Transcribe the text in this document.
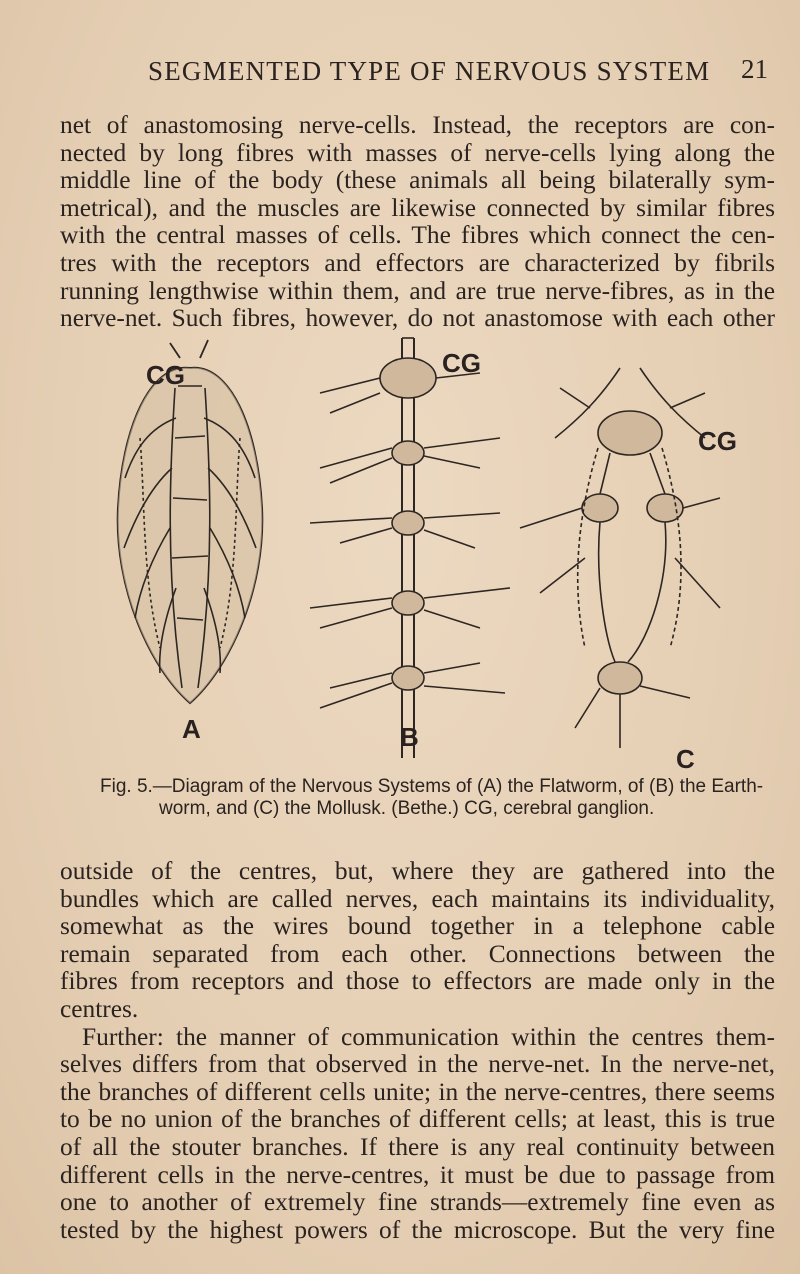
SEGMENTED TYPE OF NERVOUS SYSTEM 21
net of anastomosing nerve-cells. Instead, the receptors are con-
nected by long fibres with masses of nerve-cells lying along the
middle line of the body (these animals all being bilaterally sym-
metrical), and the muscles are likewise connected by similar fibres
with the central masses of cells. The fibres which connect the cen-
tres with the receptors and effectors are characterized by fibrils
running lengthwise within them, and are true nerve-fibres, as in the
nerve-net. Such fibres, however, do not anastomose with each other
CG	CG
CG
A	B
C
Fig. 5.—Diagram of the Nervous Systems of (A) the Flatworm, of (B) the Earth-
worm, and (C) the Mollusk. (Bethe.) CG, cerebral ganglion.
outside of the centres, but, where they are gathered into the
bundles which are called nerves, each maintains its individuality,
somewhat as the wires bound together in a telephone cable
remain separated from each other. Connections between the
fibres from receptors and those to effectors are made only in the
centres.
Further: the manner of communication within the centres them-
selves differs from that observed in the nerve-net. In the nerve-net,
the branches of different cells unite; in the nerve-centres, there seems
to be no union of the branches of different cells; at least, this is true
of all the stouter branches. If there is any real continuity between
different cells in the nerve-centres, it must be due to passage from
one to another of extremely fine strands—extremely fine even as
tested by the highest powers of the microscope. But the very fine
